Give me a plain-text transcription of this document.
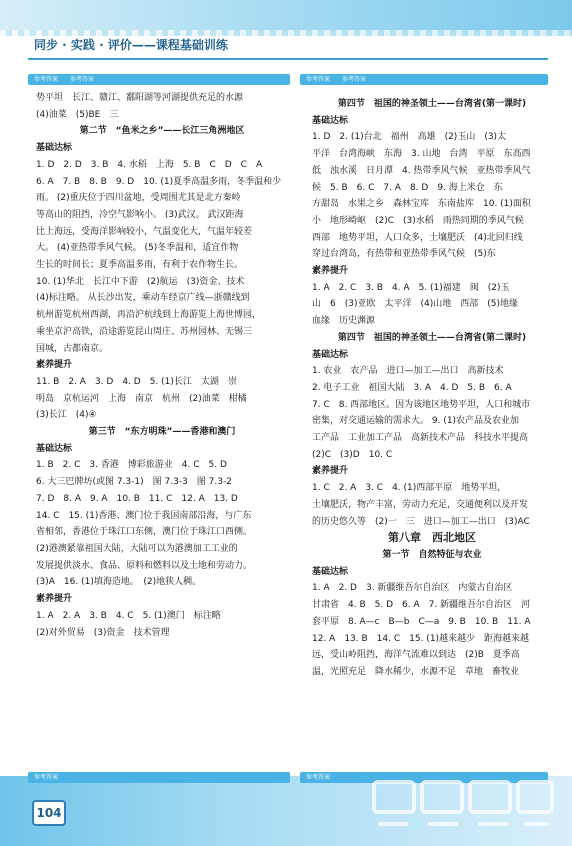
同步 · 实践 · 评价——课程基础训练
参考答案 参考答案	参考答案 参考答案
势平坦　长江、赣江、鄱阳湖等河湖提供充足的水源
(4)油菜　(5)BE　三
第二节　“鱼米之乡”——长江三角洲地区
基础达标
1. D　2. D　3. B　4. 水稻　上海　5. B　C　D　C　A
6. A　7. B　8. B　9. D　10. (1)夏季高温多雨，冬季温和少
雨。 (2)重庆位于四川盆地，受周围尤其是北方秦岭
等高山的阻挡，冷空气影响小。 (3)武汉。 武汉距海
比上海远，受海洋影响较小，气温变化大，气温年较差
大。 (4)亚热带季风气候。 (5)冬季温和，适宜作物
生长的时间长；夏季高温多雨，有利于农作物生长。
10. (1)华北　长江中下游　(2)航运　(3)资金、技术
(4)标注略。 从长沙出发，乘动车经京广线—浙赣线到
杭州游览杭州西湖，再沿沪杭线到上海游览上海世博园，
乘坐京沪高铁，沿途游览昆山周庄、苏州园林、无锡三
国城，古都南京。
素养提升
11. B　2. A　3. D　4. D　5. (1)长江　太湖　崇
明岛　京杭运河　上海　南京　杭州　(2)油菜　柑橘
(3)长江　(4)④
第三节　“东方明珠”——香港和澳门
基础达标
1. B　2. C　3. 香港　博彩旅游业　4. C　5. D
6. 大三巴牌坊(或图 7.3-1)　图 7.3-3　图 7.3-2
7. D　8. A　9. A　10. B　11. C　12. A　13. D
14. C　15. (1)香港、澳门位于我国南部沿海，与广东
省相邻，香港位于珠江口东侧，澳门位于珠江口西侧。
(2)港澳紧靠祖国大陆，大陆可以为港澳加工工业的
发展提供淡水、食品、原料和燃料以及土地和劳动力。
(3)A　16. (1)填海造地。　(2)地狭人稠。
素养提升
1. A　2. A　3. B　4. C　5. (1)澳门　标注略
(2)对外贸易　(3)资金　技术管理
第四节　祖国的神圣领土——台湾省(第一课时)
基础达标
1. D　2. (1)台北　福州　高雄　(2)玉山　(3)太
平洋　台湾海峡　东海　3. 山地　台湾　平原　东高西
低　浊水溪　日月潭　4. 热带季风气候　亚热带季风气
候　5. B　6. C　7. A　8. D　9. 海上米仓　东
方甜岛　水果之乡　森林宝库　东南盐库　10. (1)面积
小　地形崎岖　(2)C　(3)水稻　雨热同期的季风气候
西部　地势平坦，人口众多，土壤肥沃　(4)北回归线
穿过台湾岛，有热带和亚热带季风气候　(5)东
素养提升
1. A　2. C　3. B　4. A　5. (1)福建　闽　(2)玉
山　6　(3)亚欧　太平洋　(4)山地　西部　(5)地缘
血缘　历史渊源
第四节　祖国的神圣领土——台湾省(第二课时)
基础达标
1. 农业　农产品　进口—加工—出口　高新技术
2. 电子工业　祖国大陆　3. A　4. D　5. B　6. A
7. C　8. 西部地区。因为该地区地势平坦，人口和城市
密集，对交通运输的需求大。 9. (1)农产品及农业加
工产品　工业加工产品　高新技术产品　科技水平提高
(2)C　(3)D　10. C
素养提升
1. C　2. A　3. C　4. (1)西部平原　地势平坦，
土壤肥沃，物产丰富，劳动力充足，交通便利以及开发
的历史悠久等　(2)一　三　进口—加工—出口　(3)AC
第八章　西北地区
第一节　自然特征与农业
基础达标
1. A　2. D　3. 新疆维吾尔自治区　内蒙古自治区
甘肃省　4. B　5. D　6. A　7. 新疆维吾尔自治区　河
套平原　8. A—c　B—b　C—a　9. B　10. B　11. A
12. A　13. B　14. C　15. (1)越来越少　距海越来越
远，受山岭阻挡，海洋气流难以到达　(2)B　夏季高
温，光照充足　降水稀少，水源不足　草地　畜牧业
参考答案	参考答案
104
